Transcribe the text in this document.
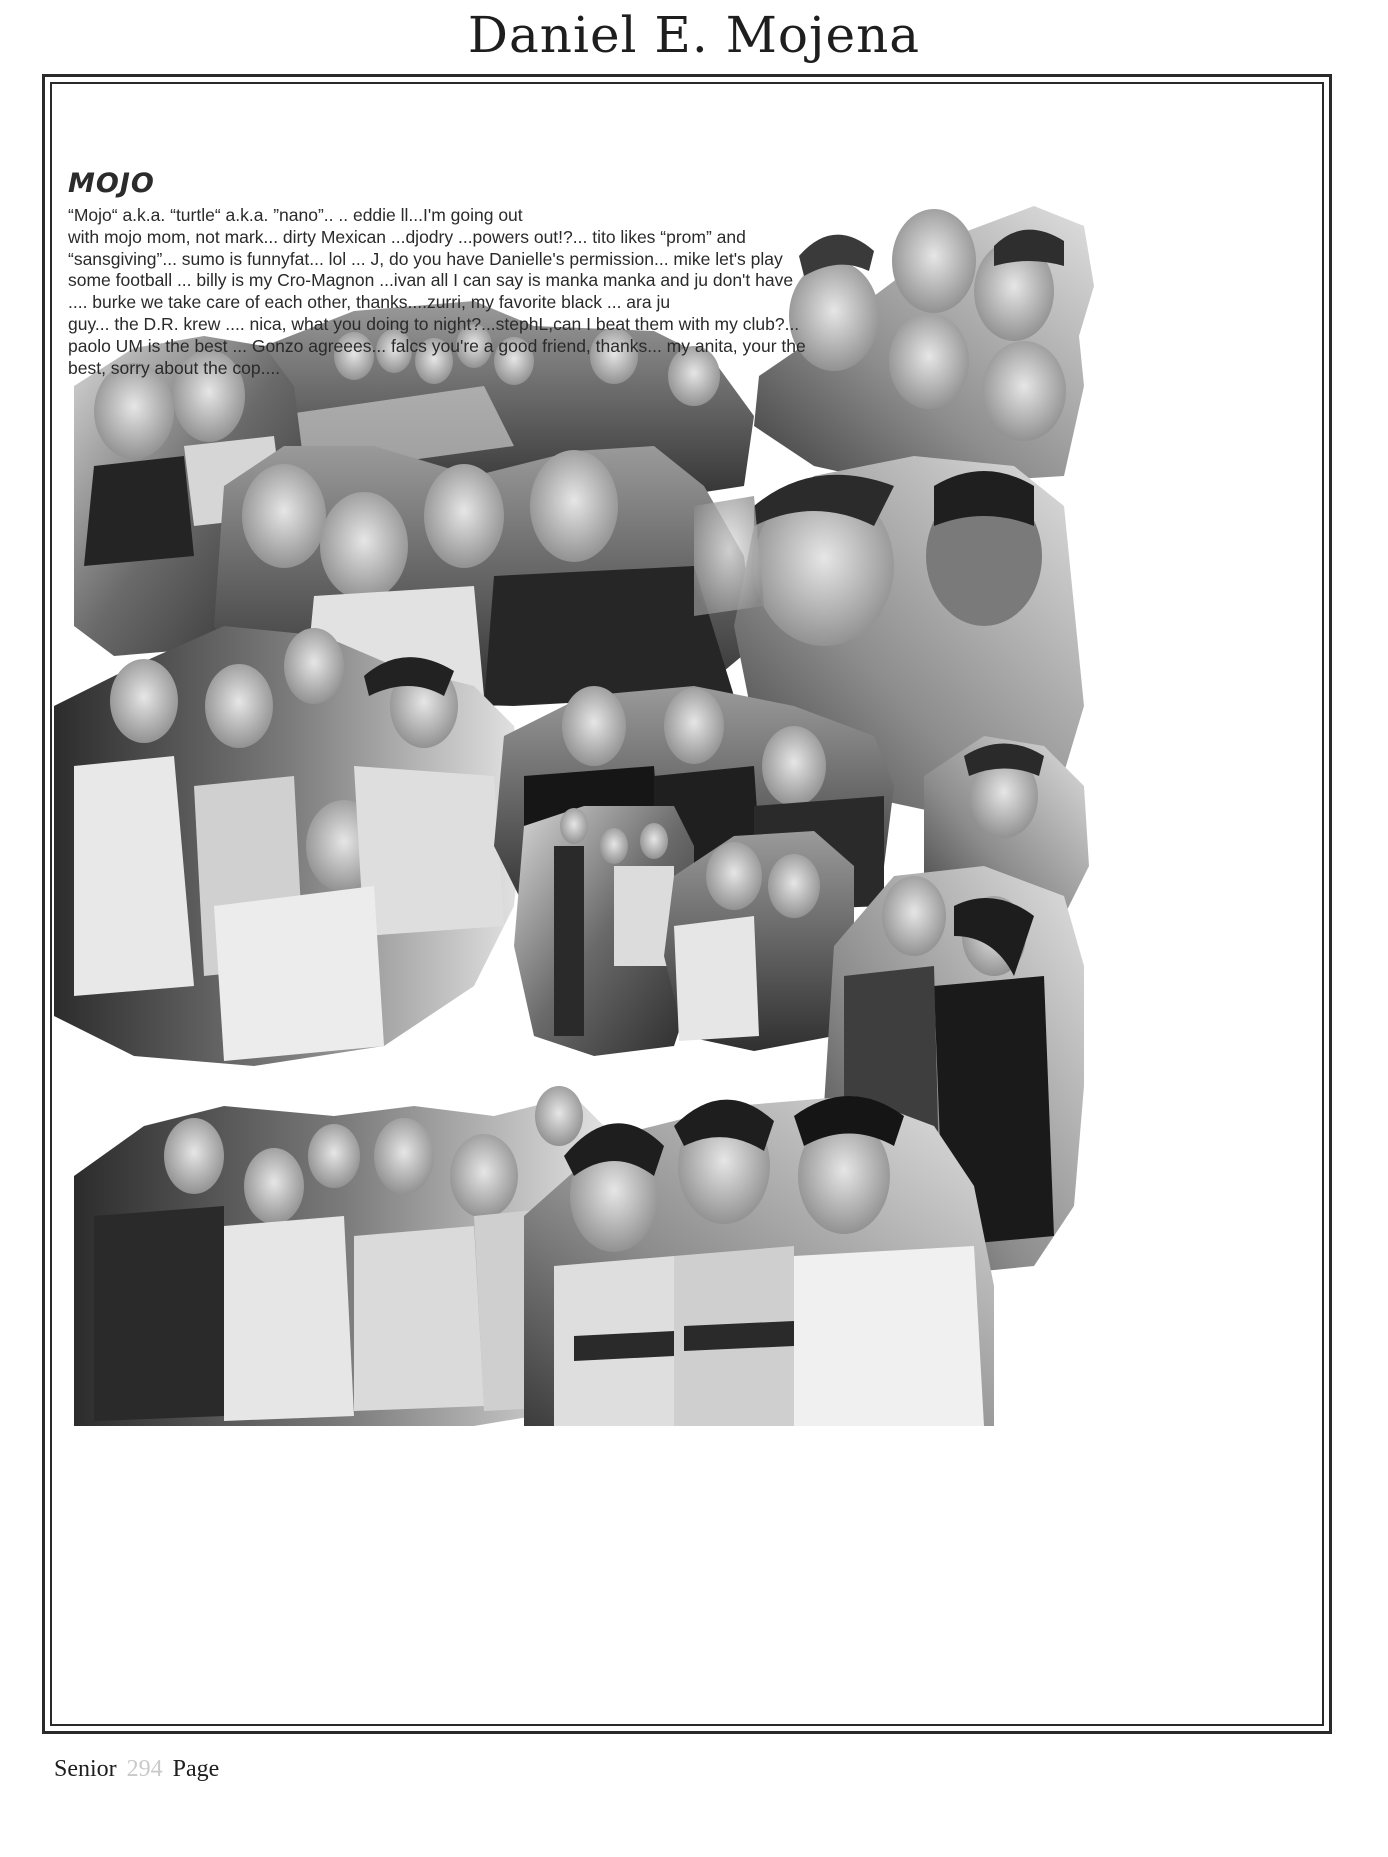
Daniel E. Mojena
MOJO

“Mojo“ a.k.a. “turtle“ a.k.a. ”nano”.. .. eddie ll...I'm going out
with mojo mom, not mark... dirty Mexican ...djodry ...powers out!?... tito likes “prom” and
“sansgiving”... sumo is funnyfat... lol ... J, do you have Danielle's permission... mike let's play
some football ... billy is my Cro-Magnon ...ivan all I can say is manka manka and ju don't have
.... burke we take care of each other, thanks....zurri, my favorite black ... ara ju
guy... the D.R. krew .... nica, what you doing to night?...stephL,can I beat them with my club?...
paolo UM is the best ... Gonzo agreees... falcs you're a good friend, thanks... my anita, your the
best, sorry about the cop....

Senior 294 Page
